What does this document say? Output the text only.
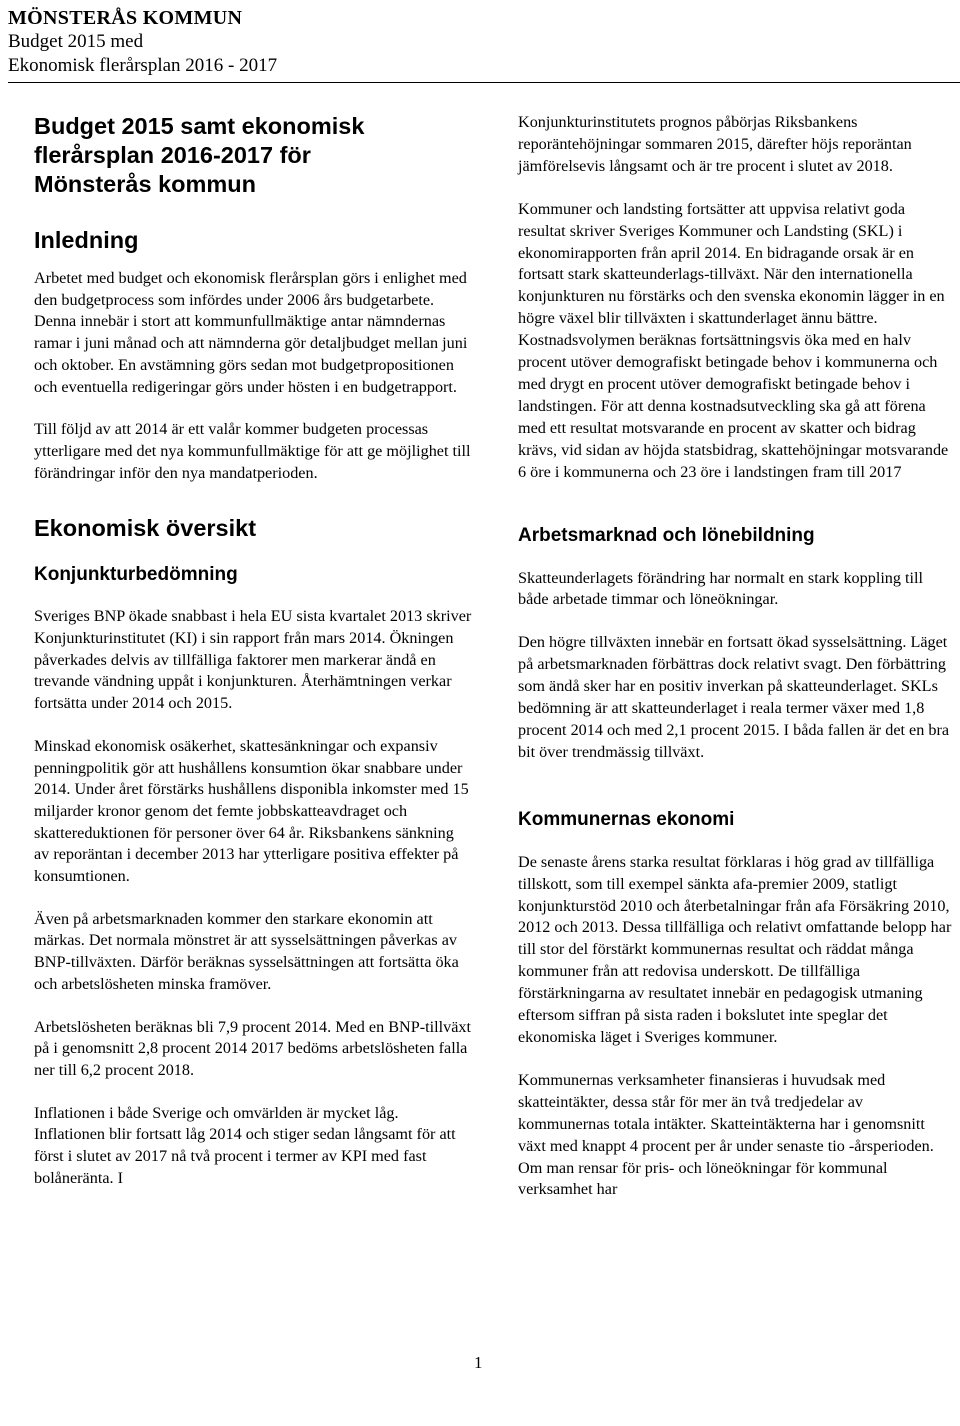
MÖNSTERÅS KOMMUN
Budget 2015 med
Ekonomisk flerårsplan 2016 - 2017
Budget 2015 samt ekonomisk
flerårsplan 2016-2017 för
Mönsterås kommun
Inledning

Arbetet med budget och ekonomisk flerårsplan görs i enlighet med den budgetprocess som infördes under 2006 års budgetarbete. Denna innebär i stort att kommunfullmäktige antar nämndernas ramar i juni månad och att nämnderna gör detaljbudget mellan juni och oktober. En avstämning görs sedan mot budgetpropositionen och eventuella redigeringar görs under hösten i en budgetrapport.

Till följd av att 2014 är ett valår kommer budgeten processas ytterligare med det nya kommunfullmäktige för att ge möjlighet till förändringar inför den nya mandatperioden.

Ekonomisk översikt
Konjunkturbedömning

Sveriges BNP ökade snabbast i hela EU sista kvartalet 2013 skriver Konjunkturinstitutet (KI) i sin rapport från mars 2014. Ökningen påverkades delvis av tillfälliga faktorer men markerar ändå en trevande vändning uppåt i konjunkturen. Återhämtningen verkar fortsätta under 2014 och 2015.

Minskad ekonomisk osäkerhet, skattesänkningar och expansiv penningpolitik gör att hushållens konsumtion ökar snabbare under 2014. Under året förstärks hushållens disponibla inkomster med 15 miljarder kronor genom det femte jobbskatteavdraget och skattereduktionen för personer över 64 år. Riksbankens sänkning av reporäntan i december 2013 har ytterligare positiva effekter på konsumtionen.

Även på arbetsmarknaden kommer den starkare ekonomin att märkas. Det normala mönstret är att sysselsättningen påverkas av BNP-tillväxten. Därför beräknas sysselsättningen att fortsätta öka och arbetslösheten minska framöver.

Arbetslösheten beräknas bli 7,9 procent 2014. Med en BNP-tillväxt på i genomsnitt 2,8 procent 2014 2017 bedöms arbetslösheten falla ner till 6,2 procent 2018.

Inflationen i både Sverige och omvärlden är mycket låg. Inflationen blir fortsatt låg 2014 och stiger sedan långsamt för att först i slutet av 2017 nå två procent i termer av KPI med fast bolåneränta. I

Konjunkturinstitutets prognos påbörjas Riksbankens reporäntehöjningar sommaren 2015, därefter höjs reporäntan jämförelsevis långsamt och är tre procent i slutet av 2018.

Kommuner och landsting fortsätter att uppvisa relativt goda resultat skriver Sveriges Kommuner och Landsting (SKL) i ekonomirapporten från april 2014. En bidragande orsak är en fortsatt stark skatteunderlags-tillväxt. När den internationella konjunkturen nu förstärks och den svenska ekonomin lägger in en högre växel blir tillväxten i skattunderlaget ännu bättre. Kostnadsvolymen beräknas fortsättningsvis öka med en halv procent utöver demografiskt betingade behov i kommunerna och med drygt en procent utöver demografiskt betingade behov i landstingen. För att denna kostnadsutveckling ska gå att förena med ett resultat motsvarande en procent av skatter och bidrag krävs, vid sidan av höjda statsbidrag, skattehöjningar motsvarande 6 öre i kommunerna och 23 öre i landstingen fram till 2017

Arbetsmarknad och lönebildning

Skatteunderlagets förändring har normalt en stark koppling till både arbetade timmar och löneökningar.

Den högre tillväxten innebär en fortsatt ökad sysselsättning. Läget på arbetsmarknaden förbättras dock relativt svagt. Den förbättring som ändå sker har en positiv inverkan på skatteunderlaget. SKLs bedömning är att skatteunderlaget i reala termer växer med 1,8 procent 2014 och med 2,1 procent 2015. I båda fallen är det en bra bit över trendmässig tillväxt.

Kommunernas ekonomi

De senaste årens starka resultat förklaras i hög grad av tillfälliga tillskott, som till exempel sänkta afa-premier 2009, statligt konjunkturstöd 2010 och återbetalningar från afa Försäkring 2010, 2012 och 2013. Dessa tillfälliga och relativt omfattande belopp har till stor del förstärkt kommunernas resultat och räddat många kommuner från att redovisa underskott. De tillfälliga förstärkningarna av resultatet innebär en pedagogisk utmaning eftersom siffran på sista raden i bokslutet inte speglar det ekonomiska läget i Sveriges kommuner.

Kommunernas verksamheter finansieras i huvudsak med skatteintäkter, dessa står för mer än två tredjedelar av kommunernas totala intäkter. Skatteintäkterna har i genomsnitt växt med knappt 4 procent per år under senaste tio -årsperioden. Om man rensar för pris- och löneökningar för kommunal verksamhet har

1
